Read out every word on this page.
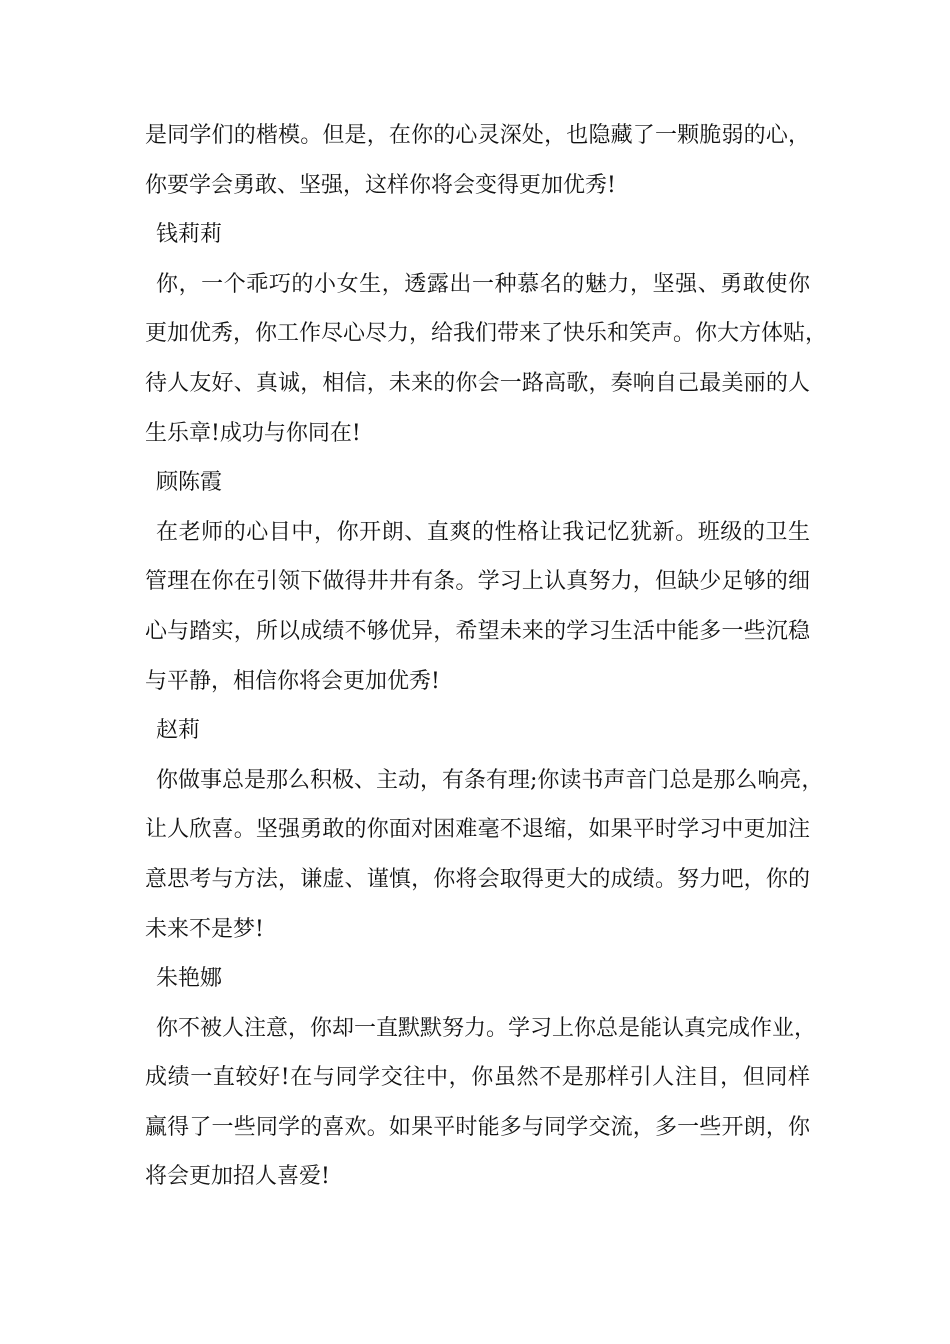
是同学们的楷模。但是，在你的心灵深处，也隐藏了一颗脆弱的心，
你要学会勇敢、坚强，这样你将会变得更加优秀!
钱莉莉
你，一个乖巧的小女生，透露出一种慕名的魅力，坚强、勇敢使你
更加优秀，你工作尽心尽力，给我们带来了快乐和笑声。你大方体贴，
待人友好、真诚，相信，未来的你会一路高歌，奏响自己最美丽的人
生乐章!成功与你同在!
顾陈霞
在老师的心目中，你开朗、直爽的性格让我记忆犹新。班级的卫生
管理在你在引领下做得井井有条。学习上认真努力，但缺少足够的细
心与踏实，所以成绩不够优异，希望未来的学习生活中能多一些沉稳
与平静，相信你将会更加优秀!
赵莉
你做事总是那么积极、主动，有条有理;你读书声音门总是那么响亮，
让人欣喜。坚强勇敢的你面对困难毫不退缩，如果平时学习中更加注
意思考与方法，谦虚、谨慎，你将会取得更大的成绩。努力吧，你的
未来不是梦!
朱艳娜
你不被人注意，你却一直默默努力。学习上你总是能认真完成作业，
成绩一直较好!在与同学交往中，你虽然不是那样引人注目，但同样
赢得了一些同学的喜欢。如果平时能多与同学交流，多一些开朗，你
将会更加招人喜爱!
